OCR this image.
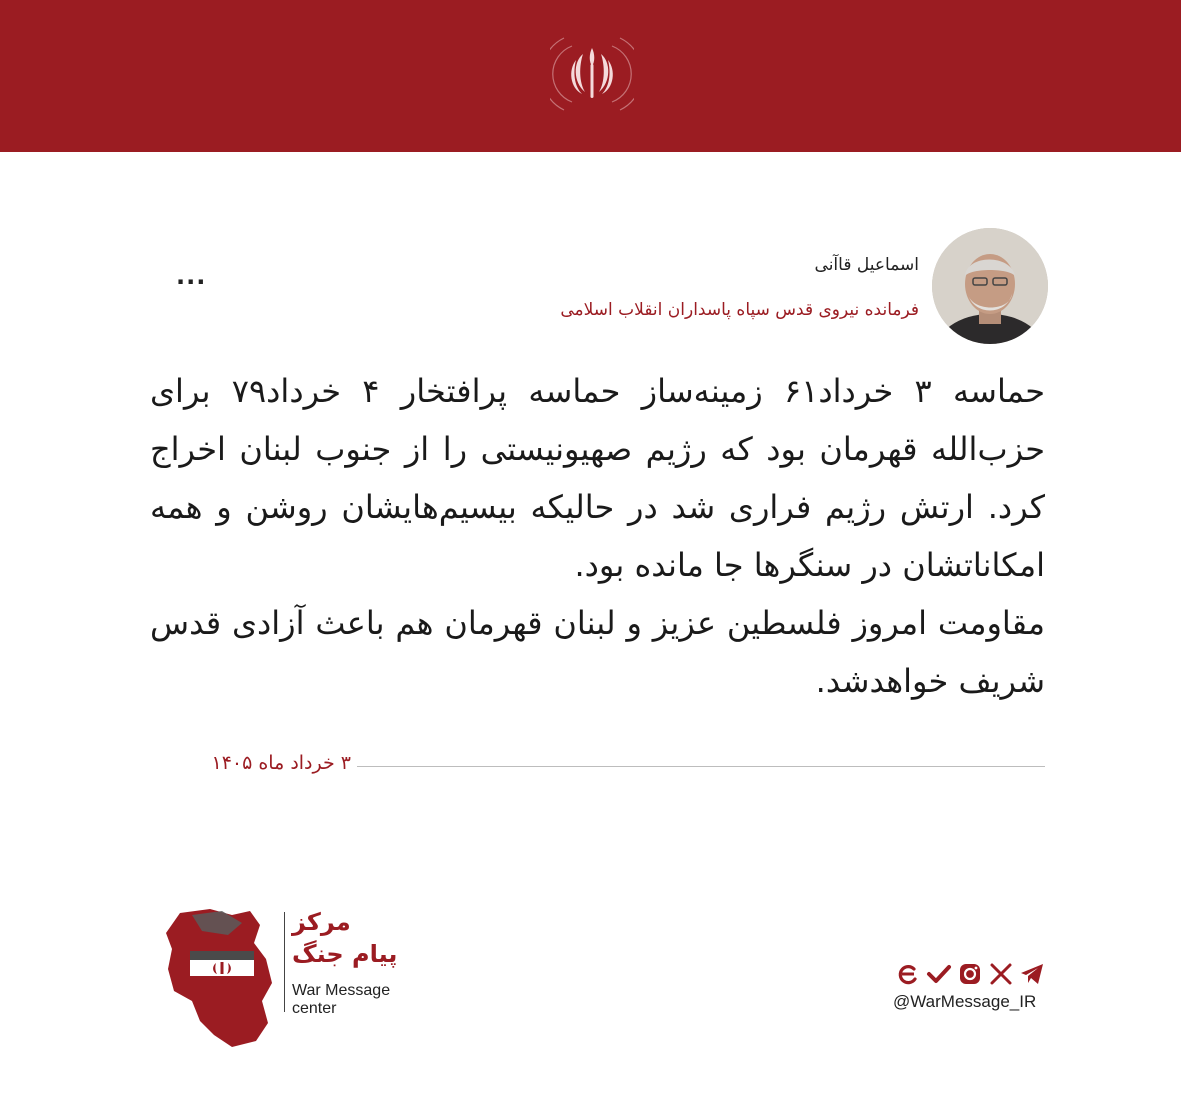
اسماعیل قاآنی
فرمانده نیروی قدس سپاه پاسداران انقلاب اسلامی
...

حماسه ۳ خرداد۶۱ زمینه‌ساز حماسه پرافتخار ۴ خرداد۷۹ برای حزب‌الله قهرمان بود که رژیم صهیونیستی را از جنوب لبنان اخراج کرد. ارتش رژیم فراری شد در حالیکه بیسیم‌هایشان روشن و همه امکاناتشان در سنگرها جا مانده بود.

مقاومت امروز فلسطین عزیز و لبنان قهرمان هم باعث آزادی قدس شریف خواهدشد.

۳ خرداد ماه ۱۴۰۵
مرکز
پیام جنگ
War Message
center	@WarMessage_IR
